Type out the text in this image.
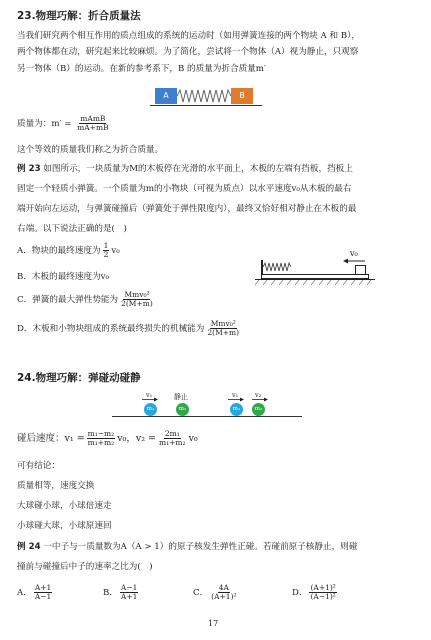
23.物理巧解：折合质量法
当我们研究两个相互作用的质点组成的系统的运动时（如用弹簧连接的两个物块 A 和 B），
两个物体都在动，研究起来比较麻烦。为了简化，尝试将一个物体（A）视为静止，只观察
另一物体（B）的运动。在新的参考系下，B 的质量为折合质量m′
A	B
质量为：$m' = \frac{\text{mAmB}}{mA+mB}$
这个等效的质量我们称之为折合质量。
例 23 如图所示，一块质量为M的木板停在光滑的水平面上，木板的左端有挡板，挡板上
固定一个轻质小弹簧。一个质量为m的小物块（可视为质点）以水平速度v₀从木板的最右
端开始向左运动，与弹簧碰撞后（弹簧处于弹性限度内），最终又恰好相对静止在木板的最
右端。以下说法正确的是(　)
A．物块的最终速度为 $\frac{1}{2} v_0$
B．木板的最终速度为v₀
C．弹簧的最大弹性势能为 $\frac{\text{Mmv₀²}}{2(M+m)}$
D．木板和小物块组成的系统最终损失的机械能为 $\frac{\text{Mmv₀²}}{2(M+m)}$
v₀
24.物理巧解：弹碰动碰静
v₁	静止
m₁	m₂
v₁	v₂
m₁	m₂
碰后速度：$v_1 = \frac{\text{m₁−m₂}}{\text{m₁+m₂}} v_0$，$v_2 = \frac{\text{2m₁}}{\text{m₁+m₂}} v_0$
可有结论：
质量相等，速度交换
大球碰小球，小球倍速走
小球碰大球，小球原速回
例 24 一中子与一质量数为A（A > 1）的原子核发生弹性正碰。若碰前原子核静止，则碰
撞前与碰撞后中子的速率之比为(　)
A． $\frac{A+1}{A-1}$	B． $\frac{A-1}{A+1}$	C． $\frac{4A}{\text{(A+1)²}}$	D． $\frac{\text{(A+1)²}}{\text{(A−1)²}}$
17
